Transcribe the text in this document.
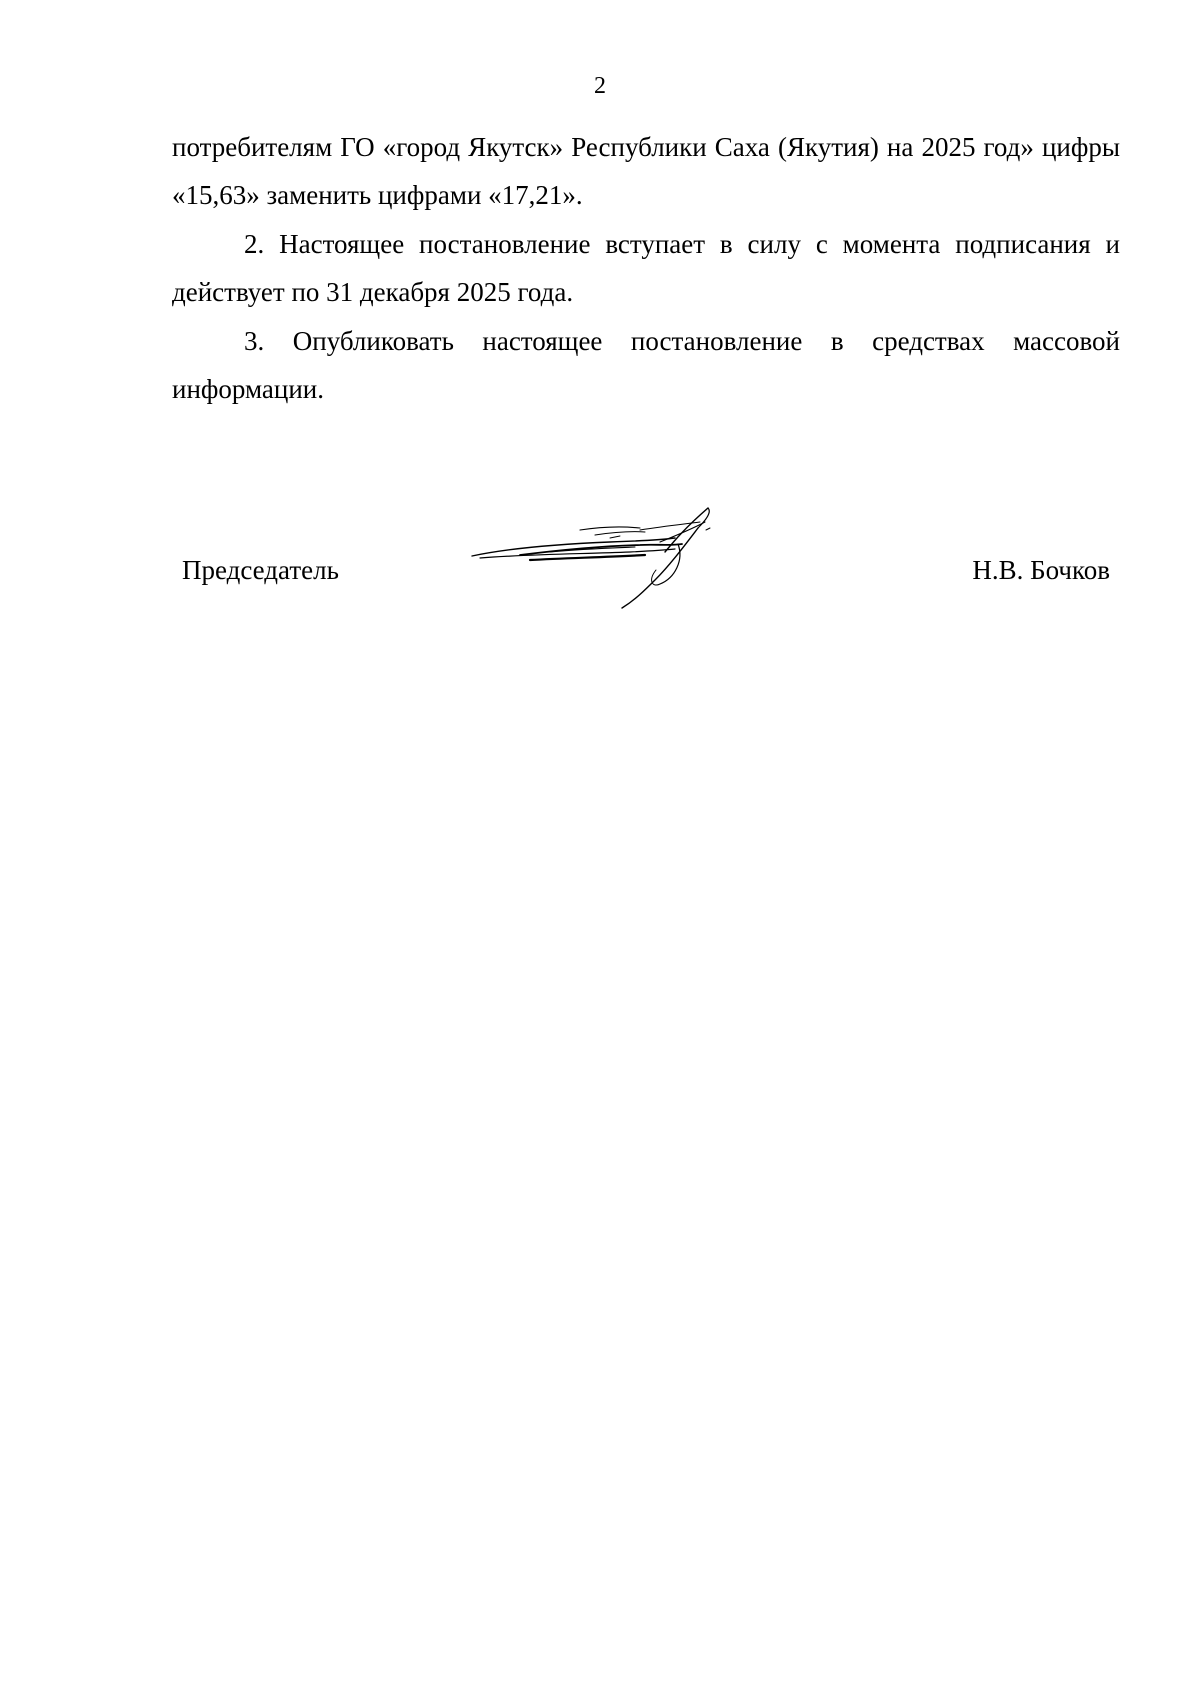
2

потребителям ГО «город Якутск» Республики Саха (Якутия) на 2025 год» цифры «15,63» заменить цифрами «17,21».

2. Настоящее постановление вступает в силу с момента подписания и действует по 31 декабря 2025 года.

3. Опубликовать настоящее постановление в средствах массовой информации.

Председатель	Н.В. Бочков
